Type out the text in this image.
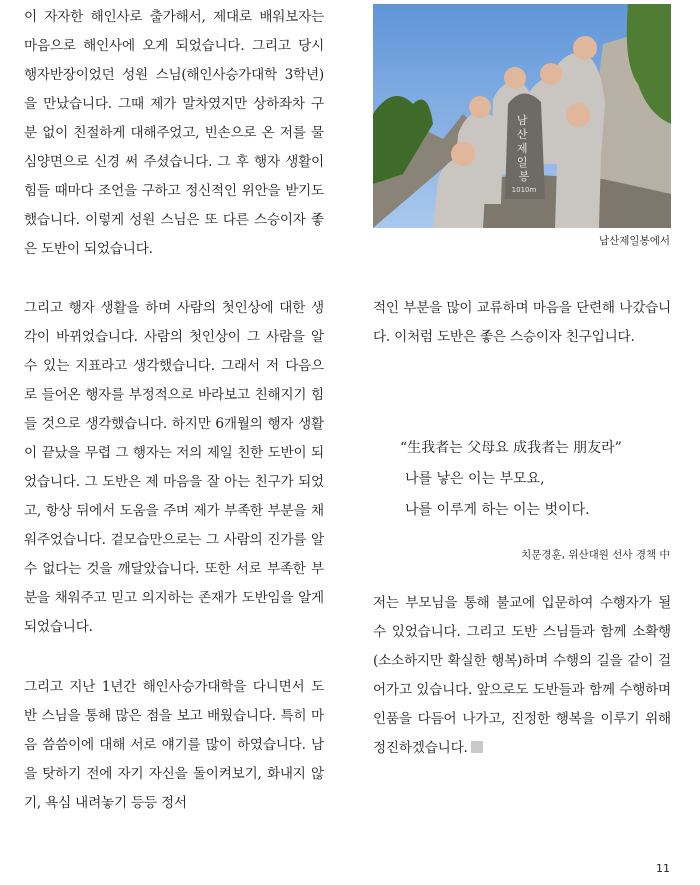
이 자자한 해인사로 출가해서, 제대로 배워보자는 마음으로 해인사에 오게 되었습니다. 그리고 당시 행자반장이었던 성원 스님(해인사승가대학 3학년)을 만났습니다. 그때 제가 말차였지만 상하좌차 구분 없이 친절하게 대해주었고, 빈손으로 온 저를 물심양면으로 신경 써 주셨습니다. 그 후 행자 생활이 힘들 때마다 조언을 구하고 정신적인 위안을 받기도 했습니다. 이렇게 성원 스님은 또 다른 스승이자 좋은 도반이 되었습니다.

그리고 행자 생활을 하며 사람의 첫인상에 대한 생각이 바뀌었습니다. 사람의 첫인상이 그 사람을 알 수 있는 지표라고 생각했습니다. 그래서 저 다음으로 들어온 행자를 부정적으로 바라보고 친해지기 힘들 것으로 생각했습니다. 하지만 6개월의 행자 생활이 끝났을 무렵 그 행자는 저의 제일 친한 도반이 되었습니다. 그 도반은 제 마음을 잘 아는 친구가 되었고, 항상 뒤에서 도움을 주며 제가 부족한 부분을 채워주었습니다. 겉모습만으로는 그 사람의 진가를 알 수 없다는 것을 깨달았습니다. 또한 서로 부족한 부분을 채워주고 믿고 의지하는 존재가 도반임을 알게 되었습니다.

그리고 지난 1년간 해인사승가대학을 다니면서 도반 스님을 통해 많은 점을 보고 배웠습니다. 특히 마음 씀씀이에 대해 서로 얘기를 많이 하였습니다. 남을 탓하기 전에 자기 자신을 돌이켜보기, 화내지 않기, 욕심 내려놓기 등등 정서

남 산 제 일 봉
1010m
남산제일봉에서

적인 부분을 많이 교류하며 마음을 단련해 나갔습니다. 이처럼 도반은 좋은 스승이자 친구입니다.

“生我者는 父母요 成我者는 朋友라”
나를 낳은 이는 부모요,
나를 이루게 하는 이는 벗이다.
치문경훈, 위산대원 선사 경책 中

저는 부모님을 통해 불교에 입문하여 수행자가 될 수 있었습니다. 그리고 도반 스님들과 함께 소확행(소소하지만 확실한 행복)하며 수행의 길을 같이 걸어가고 있습니다. 앞으로도 도반들과 함께 수행하며 인품을 다듬어 나가고, 진정한 행복을 이루기 위해 정진하겠습니다.

11
